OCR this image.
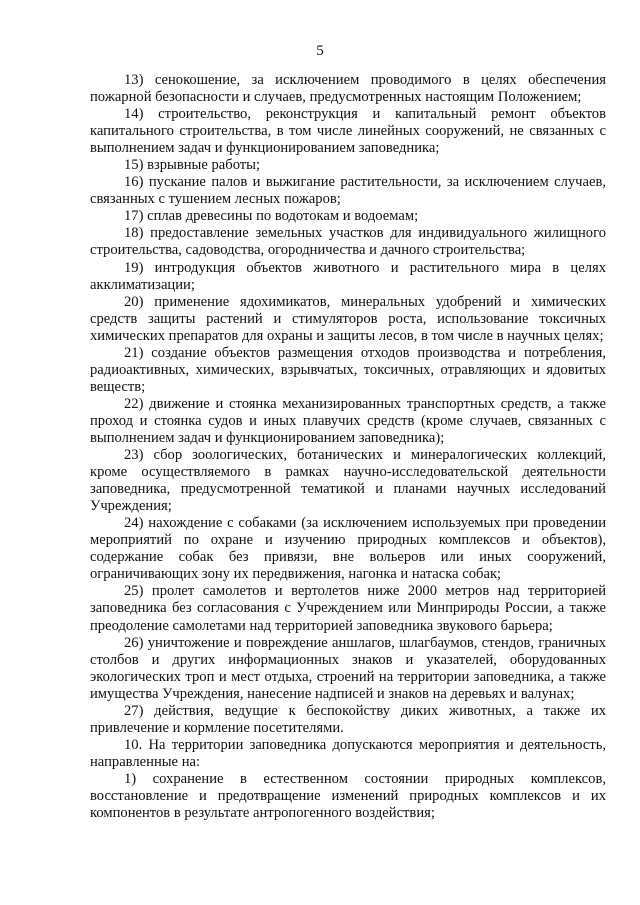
5

13) сенокошение, за исключением проводимого в целях обеспечения пожарной безопасности и случаев, предусмотренных настоящим Положением;

14) строительство, реконструкция и капитальный ремонт объектов капитального строительства, в том числе линейных сооружений, не связанных с выполнением задач и функционированием заповедника;

15) взрывные работы;

16) пускание палов и выжигание растительности, за исключением случаев, связанных с тушением лесных пожаров;

17) сплав древесины по водотокам и водоемам;

18) предоставление земельных участков для индивидуального жилищного строительства, садоводства, огородничества и дачного строительства;

19) интродукция объектов животного и растительного мира в целях акклиматизации;

20) применение ядохимикатов, минеральных удобрений и химических средств защиты растений и стимуляторов роста, использование токсичных химических препаратов для охраны и защиты лесов, в том числе в научных целях;

21) создание объектов размещения отходов производства и потребления, радиоактивных, химических, взрывчатых, токсичных, отравляющих и ядовитых веществ;

22) движение и стоянка механизированных транспортных средств, а также проход и стоянка судов и иных плавучих средств (кроме случаев, связанных с выполнением задач и функционированием заповедника);

23) сбор зоологических, ботанических и минералогических коллекций, кроме осуществляемого в рамках научно-исследовательской деятельности заповедника, предусмотренной тематикой и планами научных исследований Учреждения;

24) нахождение с собаками (за исключением используемых при проведении мероприятий по охране и изучению природных комплексов и объектов), содержание собак без привязи, вне вольеров или иных сооружений, ограничивающих зону их передвижения, нагонка и натаска собак;

25) пролет самолетов и вертолетов ниже 2000 метров над территорией заповедника без согласования с Учреждением или Минприроды России, а также преодоление самолетами над территорией заповедника звукового барьера;

26) уничтожение и повреждение аншлагов, шлагбаумов, стендов, граничных столбов и других информационных знаков и указателей, оборудованных экологических троп и мест отдыха, строений на территории заповедника, а также имущества Учреждения, нанесение надписей и знаков на деревьях и валунах;

27) действия, ведущие к беспокойству диких животных, а также их привлечение и кормление посетителями.

10. На территории заповедника допускаются мероприятия и деятельность, направленные на:

1) сохранение в естественном состоянии природных комплексов, восстановление и предотвращение изменений природных комплексов и их компонентов в результате антропогенного воздействия;
